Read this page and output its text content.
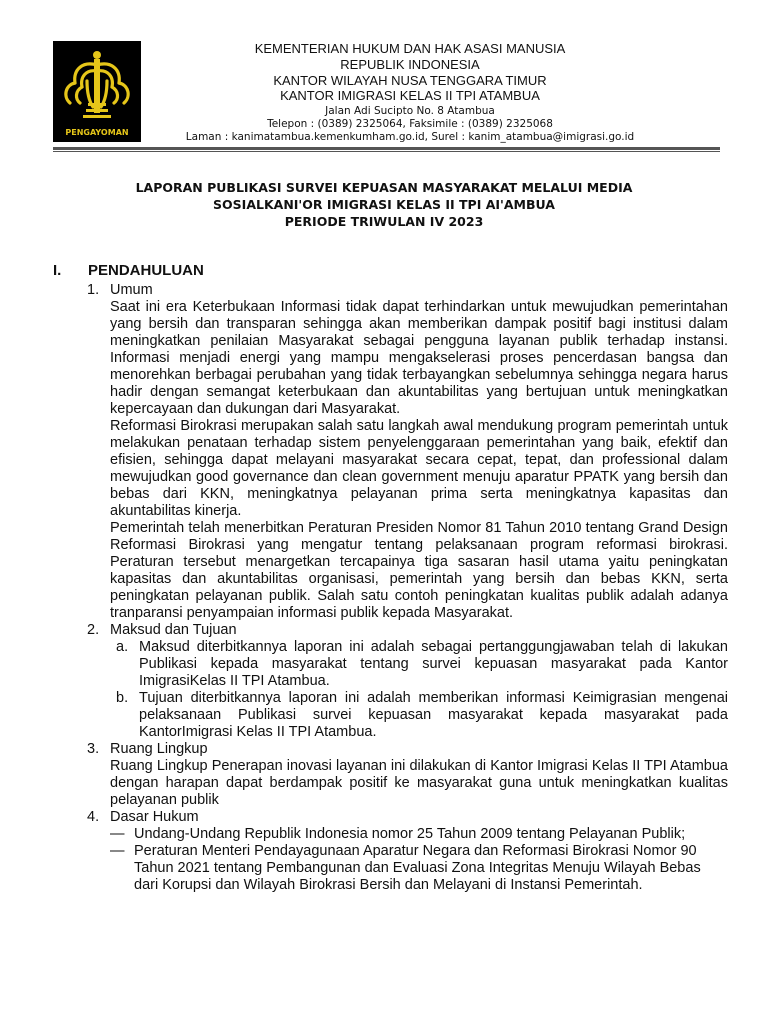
PENGAYOMAN
KEMENTERIAN HUKUM DAN HAK ASASI MANUSIA
REPUBLIK INDONESIA
KANTOR WILAYAH NUSA TENGGARA TIMUR
KANTOR IMIGRASI KELAS II TPI ATAMBUA
Jalan Adi Sucipto No. 8 Atambua
Telepon : (0389) 2325064, Faksimile : (0389) 2325068
Laman : kanimatambua.kemenkumham.go.id, Surel : kanim_atambua@imigrasi.go.id
LAPORAN PUBLIKASI SURVEI KEPUASAN MASYARAKAT MELALUI MEDIA
SOSIALKANI'OR IMIGRASI KELAS II TPI AI'AMBUA
PERIODE TRIWULAN IV 2023
I. PENDAHULUAN
1. Umum
Saat ini era Keterbukaan Informasi tidak dapat terhindarkan untuk mewujudkan pemerintahan yang bersih dan transparan sehingga akan memberikan dampak positif bagi institusi dalam meningkatkan penilaian Masyarakat sebagai pengguna layanan publik terhadap instansi. Informasi menjadi energi yang mampu mengakselerasi proses pencerdasan bangsa dan menorehkan berbagai perubahan yang tidak terbayangkan sebelumnya sehingga negara harus hadir dengan semangat keterbukaan dan akuntabilitas yang bertujuan untuk meningkatkan kepercayaan dan dukungan dari Masyarakat.
Reformasi Birokrasi merupakan salah satu langkah awal mendukung program pemerintah untuk melakukan penataan terhadap sistem penyelenggaraan pemerintahan yang baik, efektif dan efisien, sehingga dapat melayani masyarakat secara cepat, tepat, dan professional dalam mewujudkan good governance dan clean government menuju aparatur PPATK yang bersih dan bebas dari KKN, meningkatnya pelayanan prima serta meningkatnya kapasitas dan akuntabilitas kinerja.
Pemerintah telah menerbitkan Peraturan Presiden Nomor 81 Tahun 2010 tentang Grand Design Reformasi Birokrasi yang mengatur tentang pelaksanaan program reformasi birokrasi. Peraturan tersebut menargetkan tercapainya tiga sasaran hasil utama yaitu peningkatan kapasitas dan akuntabilitas organisasi, pemerintah yang bersih dan bebas KKN, serta peningkatan pelayanan publik. Salah satu contoh peningkatan kualitas publik adalah adanya tranparansi penyampaian informasi publik kepada Masyarakat.
2. Maksud dan Tujuan
a. Maksud diterbitkannya laporan ini adalah sebagai pertanggungjawaban telah di lakukan Publikasi kepada masyarakat tentang survei kepuasan masyarakat pada Kantor ImigrasiKelas II TPI Atambua.
b. Tujuan diterbitkannya laporan ini adalah memberikan informasi Keimigrasian mengenai pelaksanaan Publikasi survei kepuasan masyarakat kepada masyarakat pada KantorImigrasi Kelas II TPI Atambua.
3. Ruang Lingkup
Ruang Lingkup Penerapan inovasi layanan ini dilakukan di Kantor Imigrasi Kelas II TPI Atambua dengan harapan dapat berdampak positif ke masyarakat guna untuk meningkatkan kualitas pelayanan publik
4. Dasar Hukum
— Undang-Undang Republik Indonesia nomor 25 Tahun 2009 tentang Pelayanan Publik;
— Peraturan Menteri Pendayagunaan Aparatur Negara dan Reformasi Birokrasi Nomor 90 Tahun 2021 tentang Pembangunan dan Evaluasi Zona Integritas Menuju Wilayah Bebas dari Korupsi dan Wilayah Birokrasi Bersih dan Melayani di Instansi Pemerintah.
